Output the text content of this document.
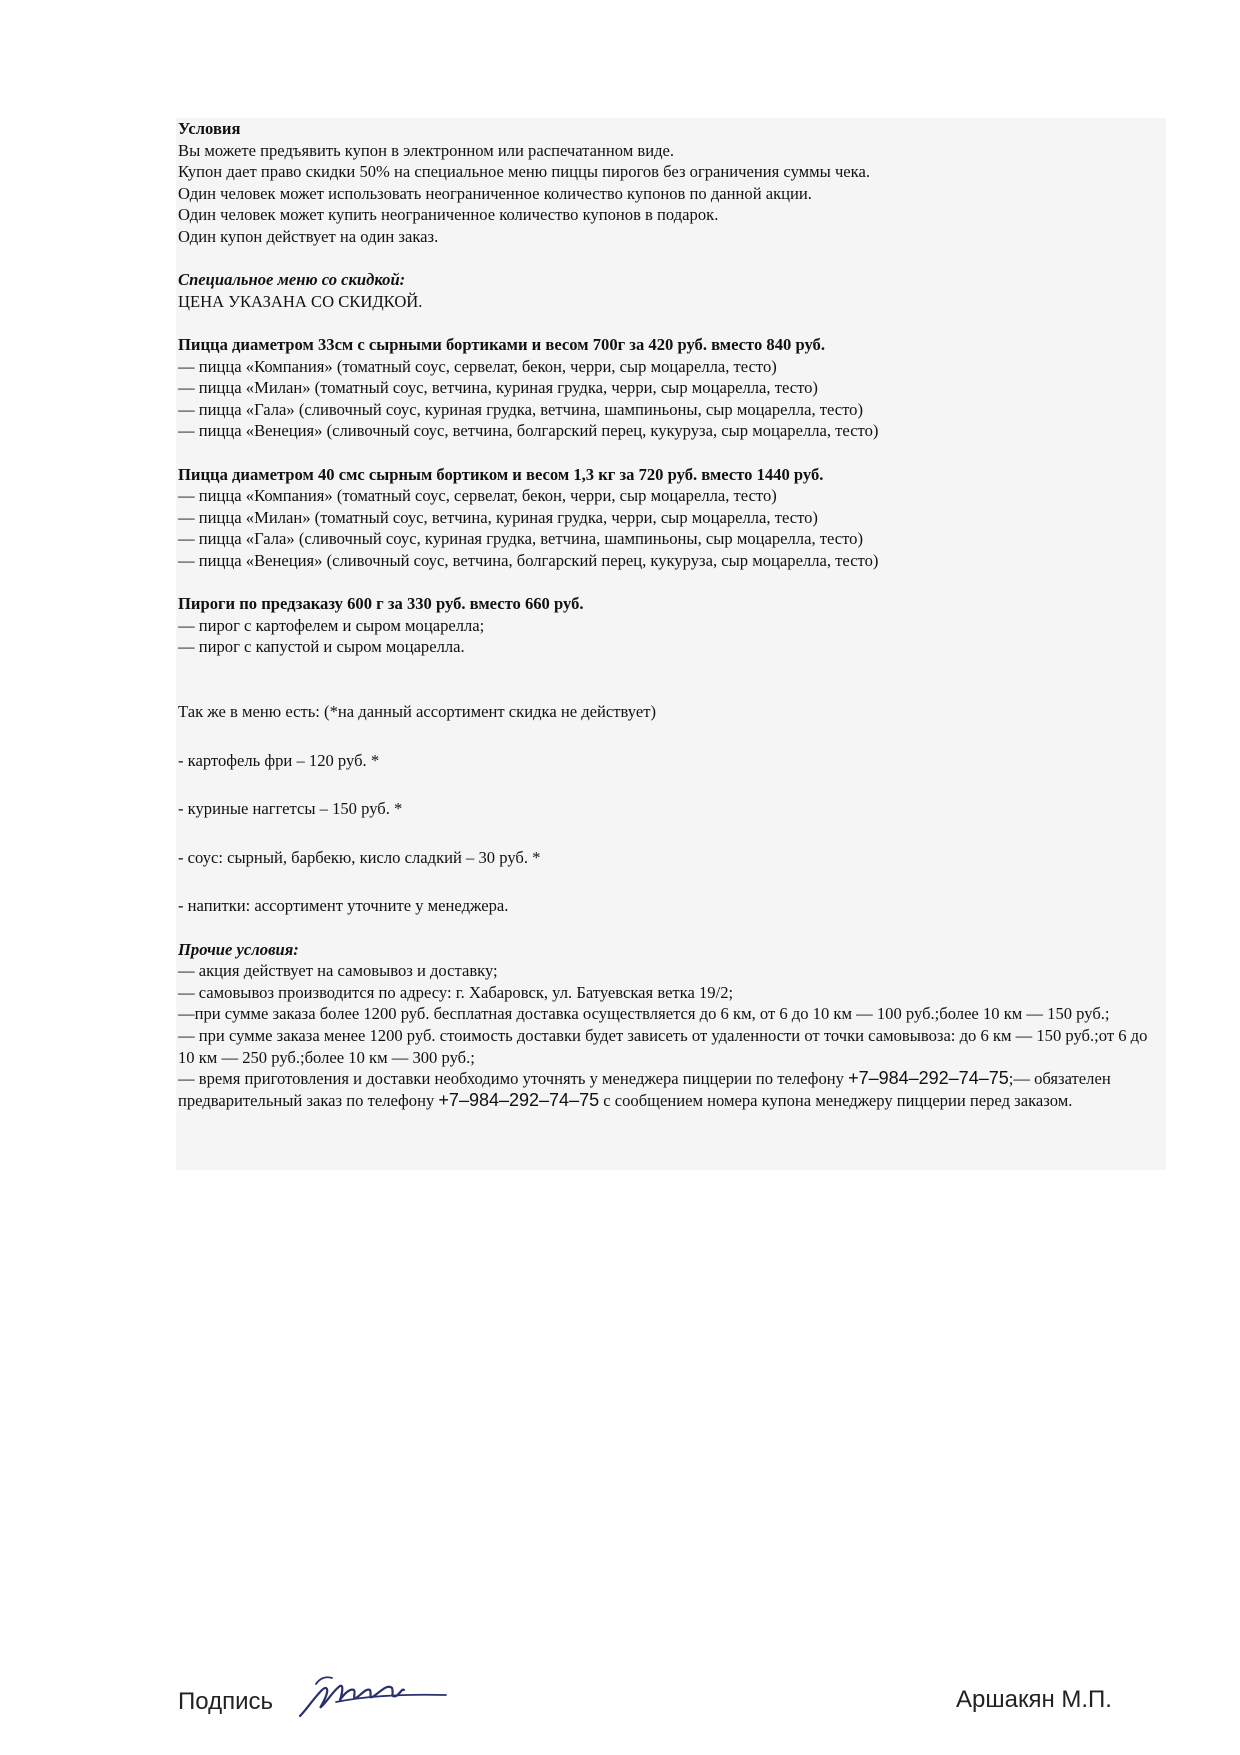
Условия
Вы можете предъявить купон в электронном или распечатанном виде.
Купон дает право скидки 50% на специальное меню пиццы пирогов без ограничения суммы чека.
Один человек может использовать неограниченное количество купонов по данной акции.
Один человек может купить неограниченное количество купонов в подарок.
Один купон действует на один заказ.
Специальное меню со скидкой:
ЦЕНА УКАЗАНА СО СКИДКОЙ.
Пицца диаметром 33см с сырными бортиками и весом 700г за 420 руб. вместо 840 руб.
— пицца «Компания» (томатный соус, сервелат, бекон, черри, сыр моцарелла, тесто)
— пицца «Милан» (томатный соус, ветчина, куриная грудка, черри, сыр моцарелла, тесто)
— пицца «Гала» (сливочный соус, куриная грудка, ветчина, шампиньоны, сыр моцарелла, тесто)
— пицца «Венеция» (сливочный соус, ветчина, болгарский перец, кукуруза, сыр моцарелла, тесто)
Пицца диаметром 40 смс сырным бортиком и весом 1,3 кг за 720 руб. вместо 1440 руб.
— пицца «Компания» (томатный соус, сервелат, бекон, черри, сыр моцарелла, тесто)
— пицца «Милан» (томатный соус, ветчина, куриная грудка, черри, сыр моцарелла, тесто)
— пицца «Гала» (сливочный соус, куриная грудка, ветчина, шампиньоны, сыр моцарелла, тесто)
— пицца «Венеция» (сливочный соус, ветчина, болгарский перец, кукуруза, сыр моцарелла, тесто)
Пироги по предзаказу 600 г за 330 руб. вместо 660 руб.
— пирог с картофелем и сыром моцарелла;
— пирог с капустой и сыром моцарелла.
Так же в меню есть: (*на данный ассортимент скидка не действует)
- картофель фри – 120 руб. *
- куриные наггетсы – 150 руб. *
- соус: сырный, барбекю, кисло сладкий – 30 руб. *
- напитки: ассортимент уточните у менеджера.
Прочие условия:
— акция действует на самовывоз и доставку;
— самовывоз производится по адресу: г. Хабаровск, ул. Батуевская ветка 19/2;
—при сумме заказа более 1200 руб. бесплатная доставка осуществляется до 6 км, от 6 до 10 км — 100 руб.;более 10 км — 150 руб.;
— при сумме заказа менее 1200 руб. стоимость доставки будет зависеть от удаленности от точки самовывоза: до 6 км — 150 руб.;от 6 до 10 км — 250 руб.;более 10 км — 300 руб.;
— время приготовления и доставки необходимо уточнять у менеджера пиццерии по телефону +7–984–292–74–75;— обязателен предварительный заказ по телефону +7–984–292–74–75 с сообщением номера купона менеджеру пиццерии перед заказом.
Подпись	Аршакян М.П.
